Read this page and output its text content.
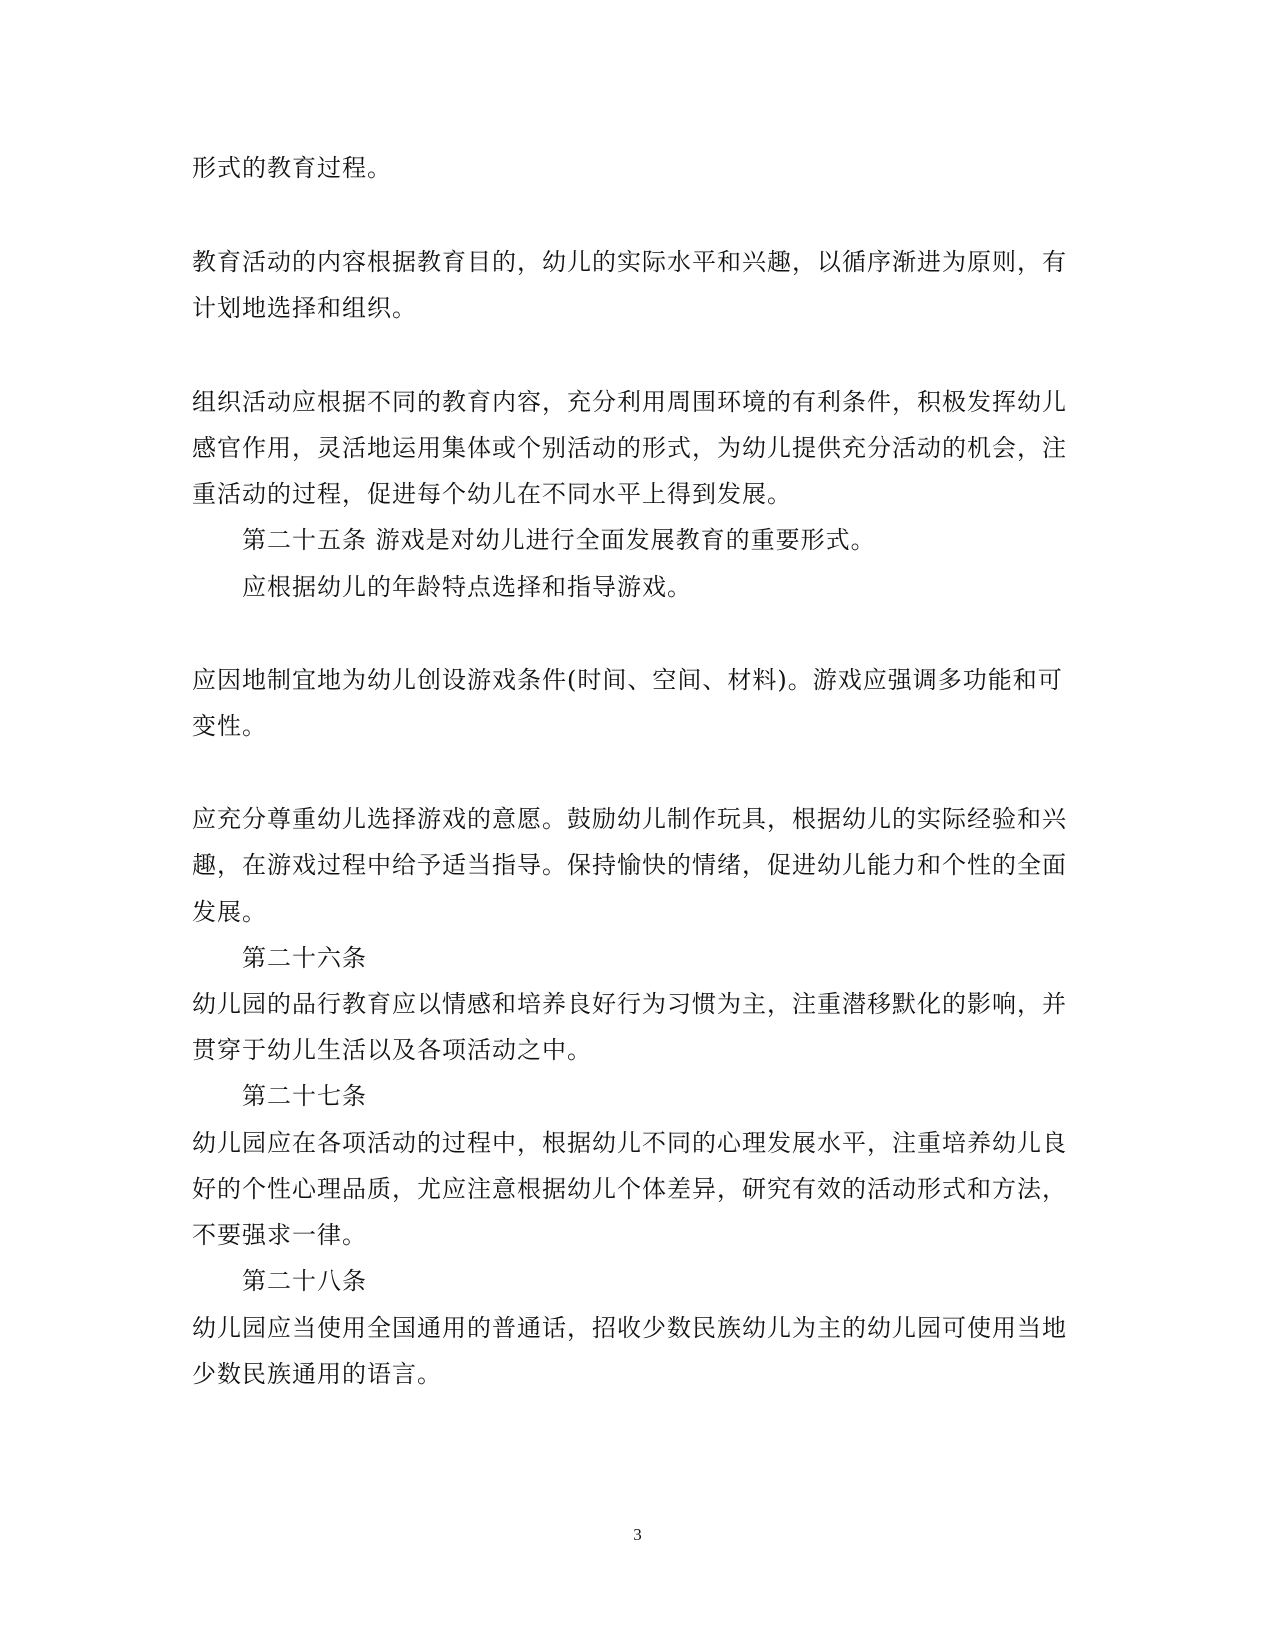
形式的教育过程。
教育活动的内容根据教育目的，幼儿的实际水平和兴趣，以循序渐进为原则，有
计划地选择和组织。
组织活动应根据不同的教育内容，充分利用周围环境的有利条件，积极发挥幼儿
感官作用，灵活地运用集体或个别活动的形式，为幼儿提供充分活动的机会，注
重活动的过程，促进每个幼儿在不同水平上得到发展。
第二十五条 游戏是对幼儿进行全面发展教育的重要形式。
应根据幼儿的年龄特点选择和指导游戏。
应因地制宜地为幼儿创设游戏条件(时间、空间、材料)。游戏应强调多功能和可
变性。
应充分尊重幼儿选择游戏的意愿。鼓励幼儿制作玩具，根据幼儿的实际经验和兴
趣，在游戏过程中给予适当指导。保持愉快的情绪，促进幼儿能力和个性的全面
发展。
第二十六条
幼儿园的品行教育应以情感和培养良好行为习惯为主，注重潜移默化的影响，并
贯穿于幼儿生活以及各项活动之中。
第二十七条
幼儿园应在各项活动的过程中，根据幼儿不同的心理发展水平，注重培养幼儿良
好的个性心理品质，尤应注意根据幼儿个体差异，研究有效的活动形式和方法，
不要强求一律。
第二十八条
幼儿园应当使用全国通用的普通话，招收少数民族幼儿为主的幼儿园可使用当地
少数民族通用的语言。
3
